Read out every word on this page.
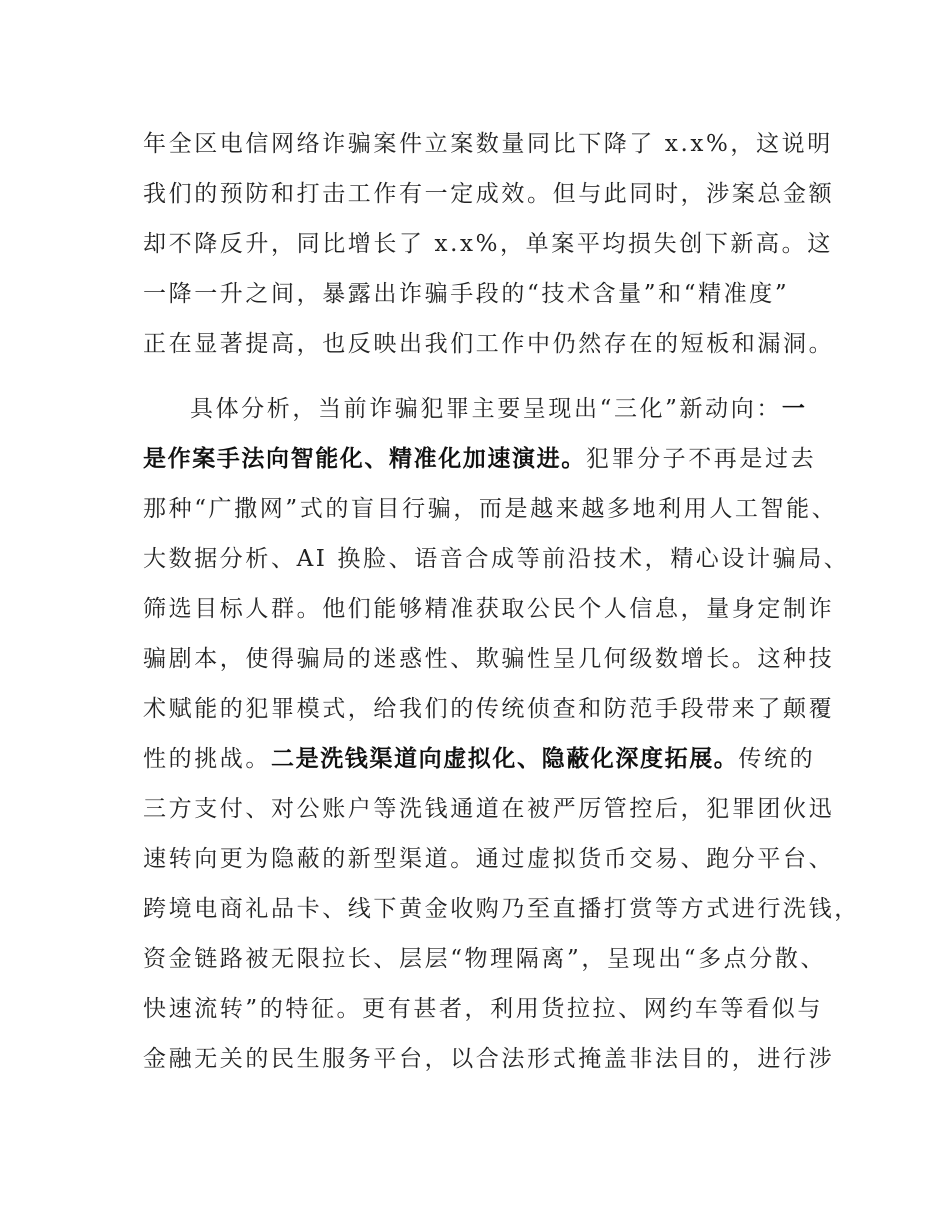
年全区电信网络诈骗案件立案数量同比下降了 x.x%，这说明
我们的预防和打击工作有一定成效。但与此同时，涉案总金额
却不降反升，同比增长了 x.x%，单案平均损失创下新高。这
一降一升之间，暴露出诈骗手段的“技术含量”和“精准度”
正在显著提高，也反映出我们工作中仍然存在的短板和漏洞。
具体分析，当前诈骗犯罪主要呈现出“三化”新动向：一
是作案手法向智能化、精准化加速演进。犯罪分子不再是过去
那种“广撒网”式的盲目行骗，而是越来越多地利用人工智能、
大数据分析、AI 换脸、语音合成等前沿技术，精心设计骗局、
筛选目标人群。他们能够精准获取公民个人信息，量身定制诈
骗剧本，使得骗局的迷惑性、欺骗性呈几何级数增长。这种技
术赋能的犯罪模式，给我们的传统侦查和防范手段带来了颠覆
性的挑战。二是洗钱渠道向虚拟化、隐蔽化深度拓展。传统的
三方支付、对公账户等洗钱通道在被严厉管控后，犯罪团伙迅
速转向更为隐蔽的新型渠道。通过虚拟货币交易、跑分平台、
跨境电商礼品卡、线下黄金收购乃至直播打赏等方式进行洗钱，
资金链路被无限拉长、层层“物理隔离”，呈现出“多点分散、
快速流转”的特征。更有甚者，利用货拉拉、网约车等看似与
金融无关的民生服务平台，以合法形式掩盖非法目的，进行涉
